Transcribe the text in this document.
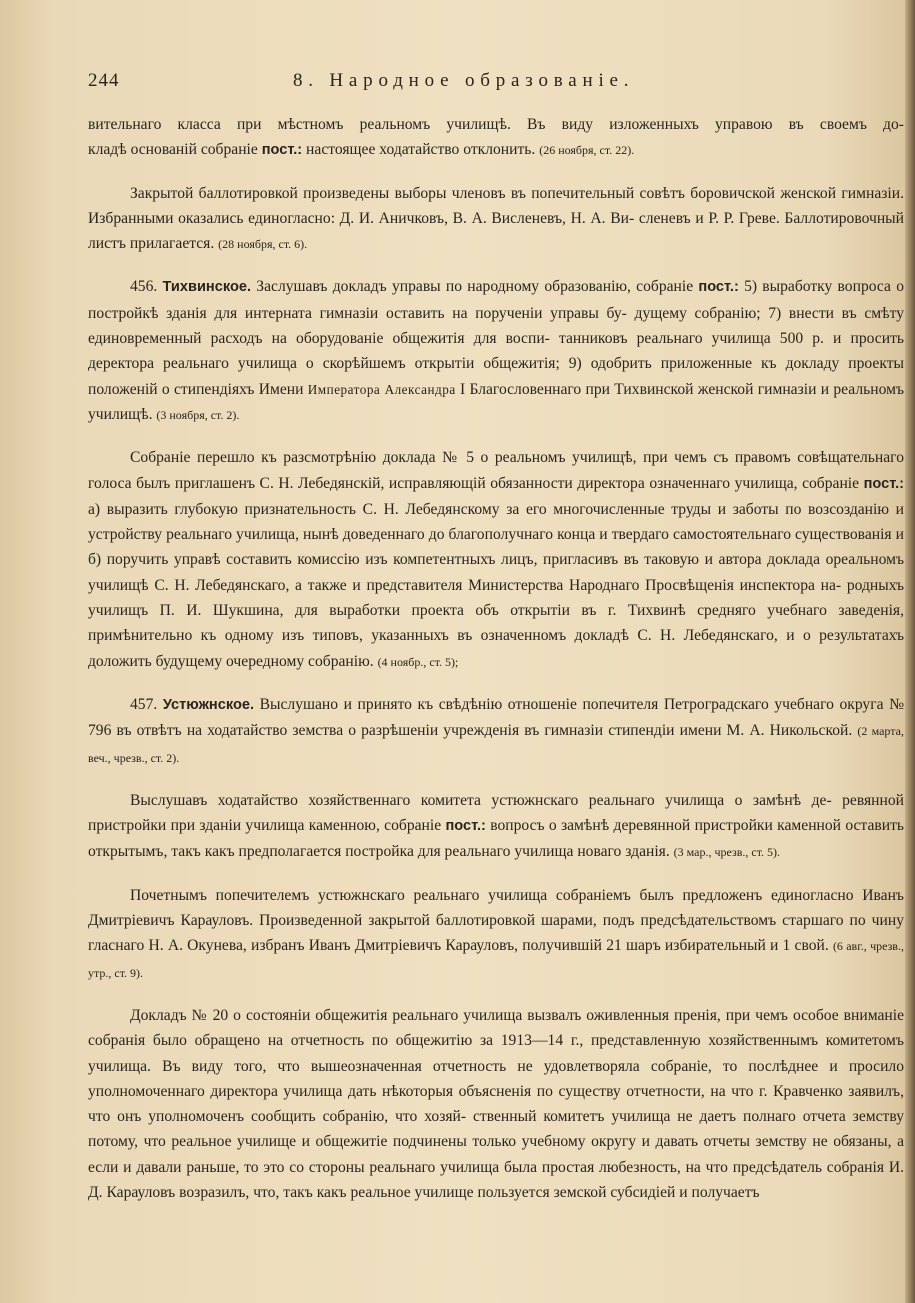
244	8. Народное образованіе.

вительнаго класса при мѣстномъ реальномъ училищѣ. Въ виду изложенныхъ управою въ своемъ до-
кладѣ основаній собраніе пост.: настоящее ходатайство отклонить. (26 ноября, ст. 22).

Закрытой баллотировкой произведены выборы членовъ въ попечительный совѣтъ боровичской женской гимназіи. Избранными оказались единогласно: Д. И. Аничковъ, В. А. Висленевъ, Н. А. Ви- сленевъ и Р. Р. Греве. Баллотировочный листъ прилагается. (28 ноября, ст. 6).

456. Тихвинское. Заслушавъ докладъ управы по народному образованію, собраніе пост.: 5) выработку вопроса о постройкѣ зданія для интерната гимназіи оставить на порученіи управы бу- дущему собранію; 7) внести въ смѣту единовременный расходъ на оборудованіе общежитія для воспи- танниковъ реальнаго училища 500 р. и просить деректора реальнаго училища о скорѣйшемъ открытіи общежитія; 9) одобрить приложенные къ докладу проекты положеній о стипендіяхъ Имени Императора Александра I Благословеннаго при Тихвинской женской гимназіи и реальномъ училищѣ. (3 ноября, ст. 2).

Собраніе перешло къ разсмотрѣнію доклада № 5 о реальномъ училищѣ, при чемъ съ правомъ совѣщательнаго голоса былъ приглашенъ С. Н. Лебедянскій, исправляющій обязанности директора означеннаго училища, собраніе пост.: а) выразить глубокую признательность С. Н. Лебедянскому за его многочисленные труды и заботы по возсозданію и устройству реальнаго училища, нынѣ доведеннаго до благополучнаго конца и твердаго самостоятельнаго существованія и б) поручить управѣ составить комиссію изъ компетентныхъ лицъ, пригласивъ въ таковую и автора доклада ореальномъ училищѣ С. Н. Лебедянскаго, а также и представителя Министерства Народнаго Просвѣщенія инспектора на- родныхъ училищъ П. И. Шукшина, для выработки проекта объ открытіи въ г. Тихвинѣ средняго учебнаго заведенія, примѣнительно къ одному изъ типовъ, указанныхъ въ означенномъ докладѣ С. Н. Лебедянскаго, и о результатахъ доложить будущему очередному собранію. (4 ноябр., ст. 5);

457. Устюжнское. Выслушано и принято къ свѣдѣнію отношеніе попечителя Петроградскаго учебнаго округа № 796 въ отвѣтъ на ходатайство земства о разрѣшеніи учрежденія въ гимназіи стипендіи имени М. А. Никольской. (2 марта, веч., чрезв., ст. 2).

Выслушавъ ходатайство хозяйственнаго комитета устюжнскаго реальнаго училища о замѣнѣ де- ревянной пристройки при зданіи училища каменною, собраніе пост.: вопросъ о замѣнѣ деревянной пристройки каменной оставить открытымъ, такъ какъ предполагается постройка для реальнаго училища новаго зданія. (3 мар., чрезв., ст. 5).

Почетнымъ попечителемъ устюжнскаго реальнаго училища собраніемъ былъ предложенъ единогласно Иванъ Дмитріевичъ Карауловъ. Произведенной закрытой баллотировкой шарами, подъ предсѣдательствомъ старшаго по чину гласнаго Н. А. Окунева, избранъ Иванъ Дмитріевичъ Карауловъ, получившій 21 шаръ избирательный и 1 свой. (6 авг., чрезв., утр., ст. 9).

Докладъ № 20 о состояніи общежитія реальнаго училища вызвалъ оживленныя пренія, при чемъ особое вниманіе собранія было обращено на отчетность по общежитію за 1913—14 г., представленную хозяйственнымъ комитетомъ училища. Въ виду того, что вышеозначенная отчетность не удовлетворяла собраніе, то послѣднее и просило уполномоченнаго директора училища дать нѣкоторыя объясненія по существу отчетности, на что г. Кравченко заявилъ, что онъ уполномоченъ сообщить собранію, что хозяй- ственный комитетъ училища не даетъ полнаго отчета земству потому, что реальное училище и общежитіе подчинены только учебному округу и давать отчеты земству не обязаны, а если и давали раньше, то это со стороны реальнаго училища была простая любезность, на что предсѣдатель собранія И. Д. Карауловъ возразилъ, что, такъ какъ реальное училище пользуется земской субсидіей и получаетъ
